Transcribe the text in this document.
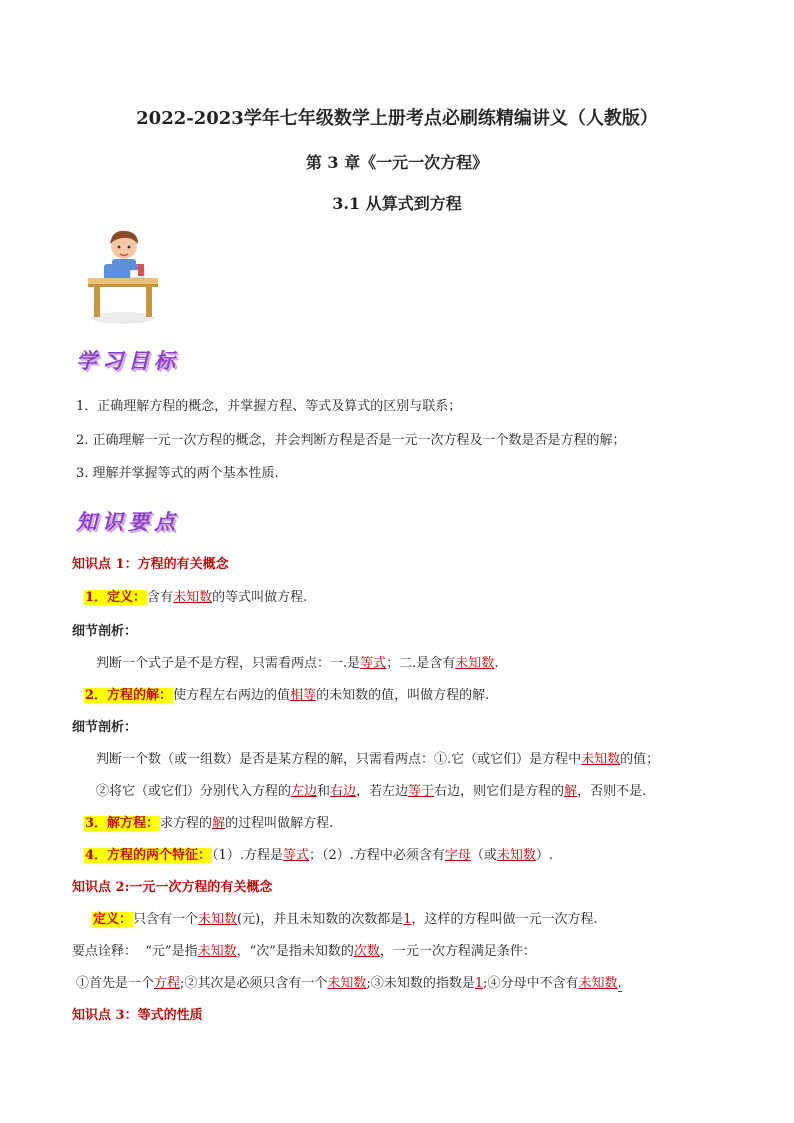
2022-2023学年七年级数学上册考点必刷练精编讲义（人教版）
第 3 章《一元一次方程》
3.1 从算式到方程
学习目标
1．正确理解方程的概念，并掌握方程、等式及算式的区别与联系；
2. 正确理解一元一次方程的概念，并会判断方程是否是一元一次方程及一个数是否是方程的解；
3. 理解并掌握等式的两个基本性质.
知识要点
知识点 1：方程的有关概念
1．定义：含有未知数的等式叫做方程.
细节剖析：
判断一个式子是不是方程，只需看两点：一.是等式；二.是含有未知数.
2．方程的解：使方程左右两边的值相等的未知数的值，叫做方程的解.
细节剖析：
判断一个数（或一组数）是否是某方程的解，只需看两点：①.它（或它们）是方程中未知数的值；
②将它（或它们）分别代入方程的左边和右边，若左边等于右边，则它们是方程的解，否则不是.
3．解方程：求方程的解的过程叫做解方程.
4．方程的两个特征：（1）.方程是等式；（2）.方程中必须含有字母（或未知数）.
知识点 2:一元一次方程的有关概念
定义：只含有一个未知数(元)，并且未知数的次数都是1，这样的方程叫做一元一次方程.
要点诠释： “元”是指未知数，“次”是指未知数的次数，一元一次方程满足条件：
①首先是一个方程;②其次是必须只含有一个未知数;③未知数的指数是1;④分母中不含有未知数.
知识点 3：等式的性质
